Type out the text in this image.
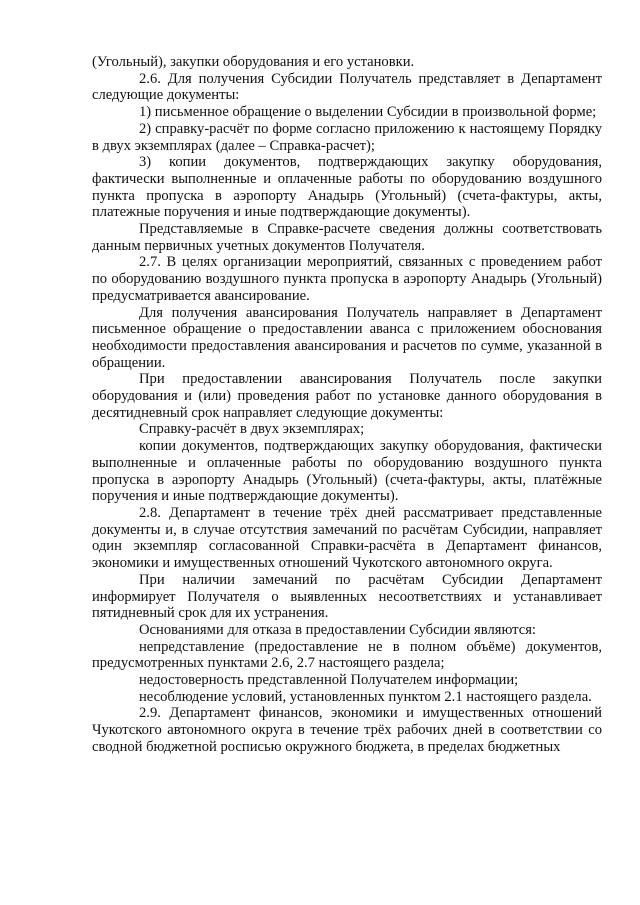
(Угольный), закупки оборудования и его установки.

2.6. Для получения Субсидии Получатель представляет в Департамент следующие документы:

1) письменное обращение о выделении Субсидии в произвольной форме;

2) справку-расчёт по форме согласно приложению к настоящему Порядку в двух экземплярах (далее – Справка-расчет);

3) копии документов, подтверждающих закупку оборудования, фактически выполненные и оплаченные работы по оборудованию воздушного пункта пропуска в аэропорту Анадырь (Угольный) (счета-фактуры, акты, платежные поручения и иные подтверждающие документы).

Представляемые в Справке-расчете сведения должны соответствовать данным первичных учетных документов Получателя.

2.7. В целях организации мероприятий, связанных с проведением работ по оборудованию воздушного пункта пропуска в аэропорту Анадырь (Угольный) предусматривается авансирование.

Для получения авансирования Получатель направляет в Департамент письменное обращение о предоставлении аванса с приложением обоснования необходимости предоставления авансирования и расчетов по сумме, указанной в обращении.

При предоставлении авансирования Получатель после закупки оборудования и (или) проведения работ по установке данного оборудования в десятидневный срок направляет следующие документы:

Справку-расчёт в двух экземплярах;

копии документов, подтверждающих закупку оборудования, фактически выполненные и оплаченные работы по оборудованию воздушного пункта пропуска в аэропорту Анадырь (Угольный) (счета-фактуры, акты, платёжные поручения и иные подтверждающие документы).

2.8. Департамент в течение трёх дней рассматривает представленные документы и, в случае отсутствия замечаний по расчётам Субсидии, направляет один экземпляр согласованной Справки-расчёта в Департамент финансов, экономики и имущественных отношений Чукотского автономного округа.

При наличии замечаний по расчётам Субсидии Департамент информирует Получателя о выявленных несоответствиях и устанавливает пятидневный срок для их устранения.

Основаниями для отказа в предоставлении Субсидии являются:

непредставление (предоставление не в полном объёме) документов, предусмотренных пунктами 2.6, 2.7 настоящего раздела;

недостоверность представленной Получателем информации;

несоблюдение условий, установленных пунктом 2.1 настоящего раздела.

2.9. Департамент финансов, экономики и имущественных отношений Чукотского автономного округа в течение трёх рабочих дней в соответствии со сводной бюджетной росписью окружного бюджета, в пределах бюджетных
